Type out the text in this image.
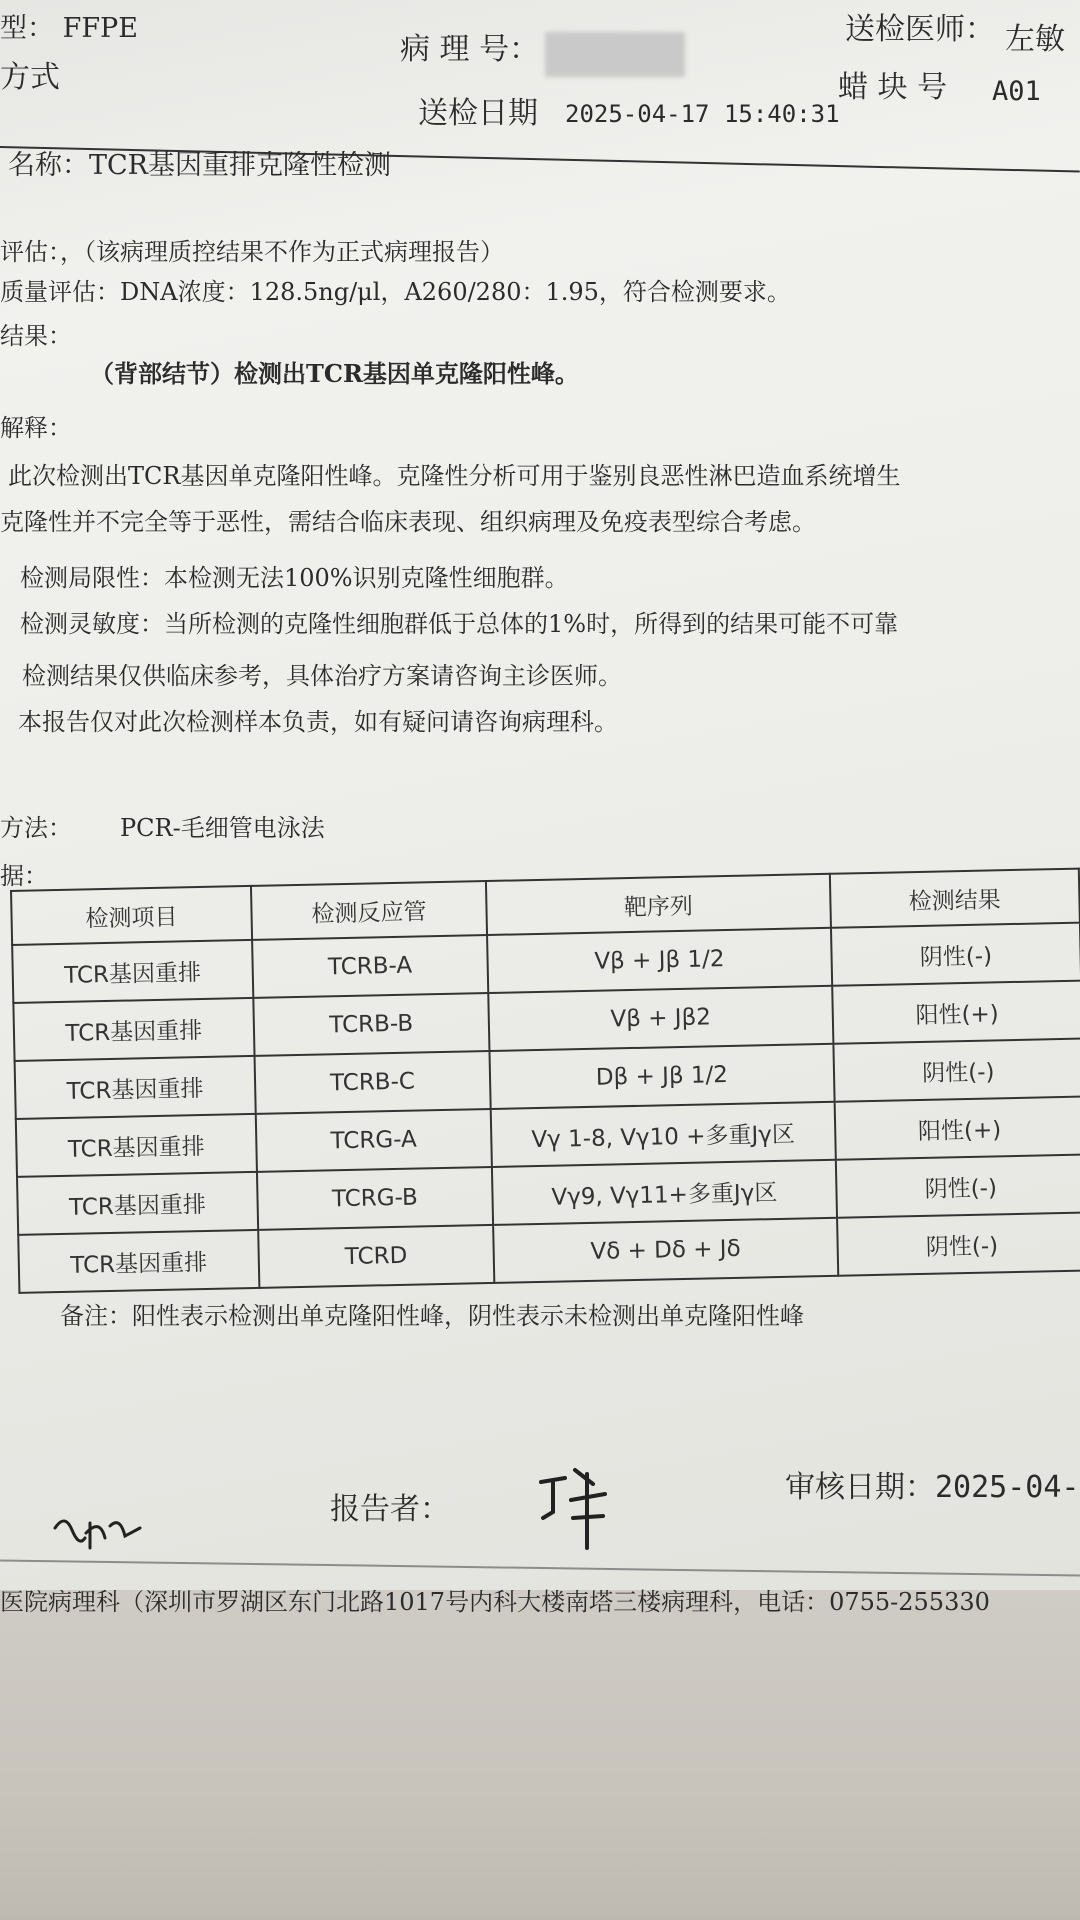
型： FFPE
方式
病 理 号：
送检医师： 左敏
蜡 块 号 A01
送检日期 2025-04-17 15:40:31
名称：TCR基因重排克隆性检测
评估：，（该病理质控结果不作为正式病理报告）
质量评估：DNA浓度：128.5ng/μl，A260/280：1.95，符合检测要求。
结果：
（背部结节）检测出TCR基因单克隆阳性峰。
解释：
此次检测出TCR基因单克隆阳性峰。克隆性分析可用于鉴别良恶性淋巴造血系统增生
克隆性并不完全等于恶性，需结合临床表现、组织病理及免疫表型综合考虑。
检测局限性：本检测无法100%识别克隆性细胞群。
检测灵敏度：当所检测的克隆性细胞群低于总体的1%时，所得到的结果可能不可靠
检测结果仅供临床参考，具体治疗方案请咨询主诊医师。
本报告仅对此次检测样本负责，如有疑问请咨询病理科。
方法： PCR-毛细管电泳法
据：
检测项目	检测反应管	靶序列	检测结果
TCR基因重排	TCRB-A	Vβ + Jβ 1/2	阴性(-)
TCR基因重排	TCRB-B	Vβ + Jβ2	阳性(+)
TCR基因重排	TCRB-C	Dβ + Jβ 1/2	阴性(-)
TCR基因重排	TCRG-A	Vγ 1-8, Vγ10 +多重Jγ区	阳性(+)
TCR基因重排	TCRG-B	Vγ9, Vγ11+多重Jγ区	阴性(-)
TCR基因重排	TCRD	Vδ + Dδ + Jδ	阴性(-)
备注：阳性表示检测出单克隆阳性峰，阴性表示未检测出单克隆阳性峰
报告者：
审核日期：2025-04-
医院病理科（深圳市罗湖区东门北路1017号内科大楼南塔三楼病理科，电话：0755-255330
